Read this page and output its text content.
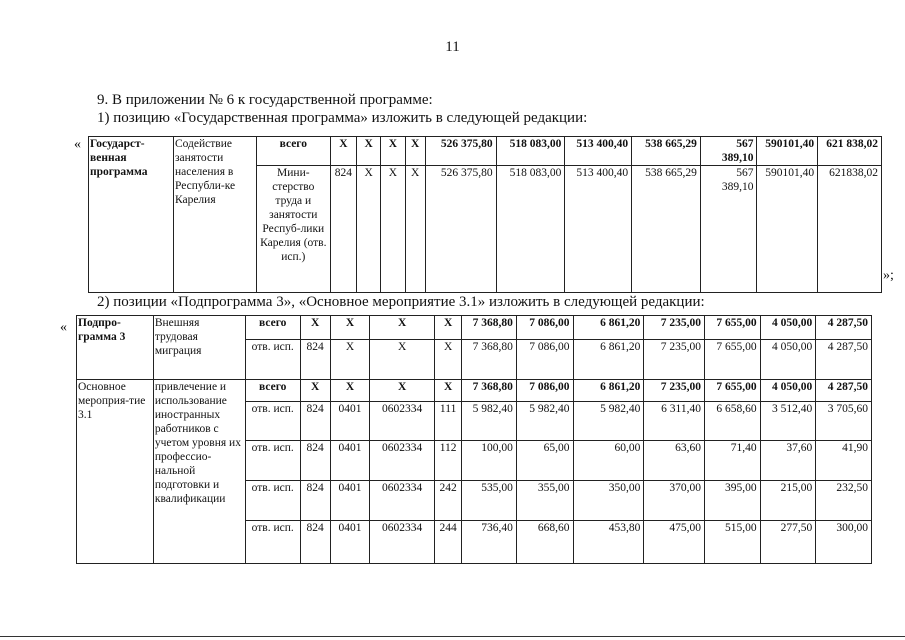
11
9. В приложении № 6 к государственной программе:
1) позицию «Государственная программа» изложить в следующей редакции:
« Государст-венная программа	Содействие занятости населения в Республи-ке Карелия	всего	X	X	X	X	526 375,80	518 083,00	513 400,40	538 665,29	567 389,10	590101,40	621 838,02
		Мини-стерство труда и занятости Респуб-лики Карелия (отв. исп.)	824	X	X	X	526 375,80	518 083,00	513 400,40	538 665,29	567 389,10	590101,40	621838,02
»;
2) позиции «Подпрограмма 3», «Основное мероприятие 3.1» изложить в следующей редакции:
« Подпро-грамма 3	Внешняя трудовая миграция	всего	X	X	X	X	7 368,80	7 086,00	6 861,20	7 235,00	7 655,00	4 050,00	4 287,50
		отв. исп.	824	X	X	X	7 368,80	7 086,00	6 861,20	7 235,00	7 655,00	4 050,00	4 287,50
Основное мероприя-тие 3.1	привлечение и использование иностранных работников с учетом уровня их профессио-нальной подготовки и квалификации	всего	X	X	X	X	7 368,80	7 086,00	6 861,20	7 235,00	7 655,00	4 050,00	4 287,50
		отв. исп.	824	0401	0602334	111	5 982,40	5 982,40	5 982,40	6 311,40	6 658,60	3 512,40	3 705,60
		отв. исп.	824	0401	0602334	112	100,00	65,00	60,00	63,60	71,40	37,60	41,90
		отв. исп.	824	0401	0602334	242	535,00	355,00	350,00	370,00	395,00	215,00	232,50
		отв. исп.	824	0401	0602334	244	736,40	668,60	453,80	475,00	515,00	277,50	300,00
